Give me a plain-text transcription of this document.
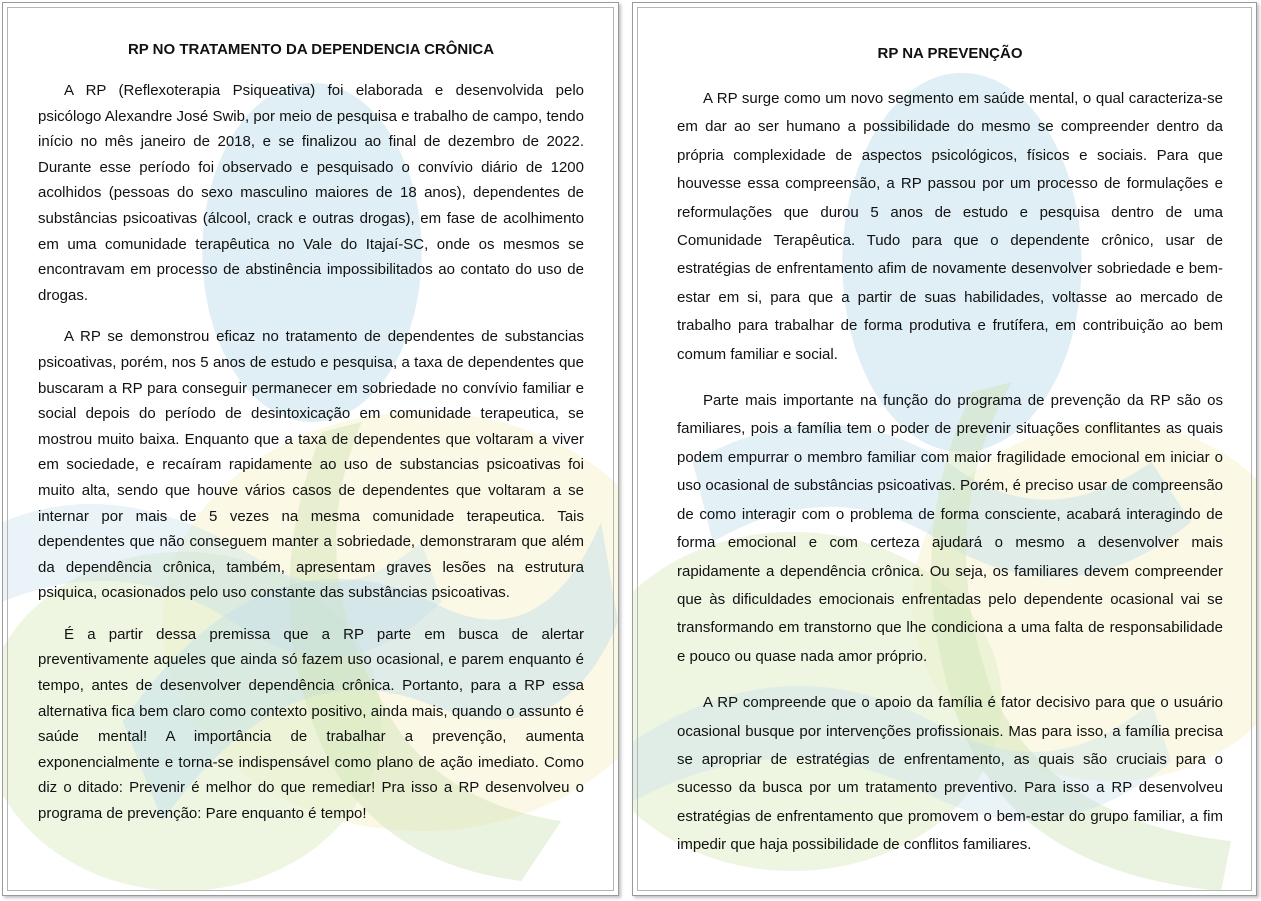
RP NO TRATAMENTO DA DEPENDENCIA CRÔNICA

A RP (Reflexoterapia Psiqueativa) foi elaborada e desenvolvida pelo psicólogo Alexandre José Swib, por meio de pesquisa e trabalho de campo, tendo início no mês janeiro de 2018, e se finalizou ao final de dezembro de 2022. Durante esse período foi observado e pesquisado o convívio diário de 1200 acolhidos (pessoas do sexo masculino maiores de 18 anos), dependentes de substâncias psicoativas (álcool, crack e outras drogas), em fase de acolhimento em uma comunidade terapêutica no Vale do Itajaí-SC, onde os mesmos se encontravam em processo de abstinência impossibilitados ao contato do uso de drogas.

A RP se demonstrou eficaz no tratamento de dependentes de substancias psicoativas, porém, nos 5 anos de estudo e pesquisa, a taxa de dependentes que buscaram a RP para conseguir permanecer em sobriedade no convívio familiar e social depois do período de desintoxicação em comunidade terapeutica, se mostrou muito baixa. Enquanto que a taxa de dependentes que voltaram a viver em sociedade, e recaíram rapidamente ao uso de substancias psicoativas foi muito alta, sendo que houve vários casos de dependentes que voltaram a se internar por mais de 5 vezes na mesma comunidade terapeutica. Tais dependentes que não conseguem manter a sobriedade, demonstraram que além da dependência crônica, também, apresentam graves lesões na estrutura psiquica, ocasionados pelo uso constante das substâncias psicoativas.

É a partir dessa premissa que a RP parte em busca de alertar preventivamente aqueles que ainda só fazem uso ocasional, e parem enquanto é tempo, antes de desenvolver dependência crônica. Portanto, para a RP essa alternativa fica bem claro como contexto positivo, ainda mais, quando o assunto é saúde mental! A importância de trabalhar a prevenção, aumenta exponencialmente e torna-se indispensável como plano de ação imediato. Como diz o ditado: Prevenir é melhor do que remediar! Pra isso a RP desenvolveu o programa de prevenção: Pare enquanto é tempo!

RP NA PREVENÇÃO

A RP surge como um novo segmento em saúde mental, o qual caracteriza-se em dar ao ser humano a possibilidade do mesmo se compreender dentro da própria complexidade de aspectos psicológicos, físicos e sociais. Para que houvesse essa compreensão, a RP passou por um processo de formulações e reformulações que durou 5 anos de estudo e pesquisa dentro de uma Comunidade Terapêutica. Tudo para que o dependente crônico, usar de estratégias de enfrentamento afim de novamente desenvolver sobriedade e bem-estar em si, para que a partir de suas habilidades, voltasse ao mercado de trabalho para trabalhar de forma produtiva e frutífera, em contribuição ao bem comum familiar e social.

Parte mais importante na função do programa de prevenção da RP são os familiares, pois a família tem o poder de prevenir situações conflitantes as quais podem empurrar o membro familiar com maior fragilidade emocional em iniciar o uso ocasional de substâncias psicoativas. Porém, é preciso usar de compreensão de como interagir com o problema de forma consciente, acabará interagindo de forma emocional e com certeza ajudará o mesmo a desenvolver mais rapidamente a dependência crônica. Ou seja, os familiares devem compreender que às dificuldades emocionais enfrentadas pelo dependente ocasional vai se transformando em transtorno que lhe condiciona a uma falta de responsabilidade e pouco ou quase nada amor próprio.

A RP compreende que o apoio da família é fator decisivo para que o usuário ocasional busque por intervenções profissionais. Mas para isso, a família precisa se apropriar de estratégias de enfrentamento, as quais são cruciais para o sucesso da busca por um tratamento preventivo. Para isso a RP desenvolveu estratégias de enfrentamento que promovem o bem-estar do grupo familiar, a fim impedir que haja possibilidade de conflitos familiares.
